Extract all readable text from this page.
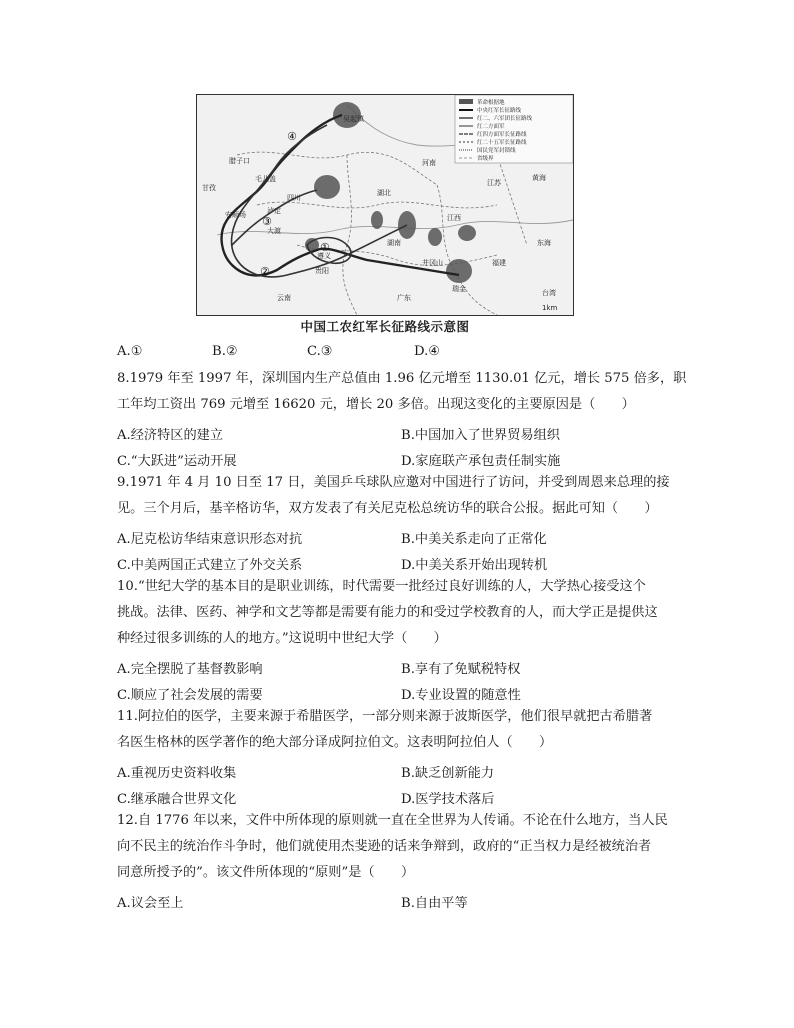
①
②
③
④
吴起镇
腊子口
甘孜
毛儿盖
安顺场	泸定
大渡
遵义
贵阳
井冈山
瑞金
福建
江西
湖南
湖北
四川
河南
江苏
云南	广东
台湾
黄海
东海
1km
革命根据地
中央红军长征路线
红二、六军团长征路线
红二方面军
红四方面军长征路线
红二十五军长征路线
国民党军封锁线
省级界
中国工农红军长征路线示意图
A.①	B.②	C.③	D.④

8.1979 年至 1997 年，深圳国内生产总值由 1.96 亿元增至 1130.01 亿元，增长 575 倍多，职

工年均工资出 769 元增至 16620 元，增长 20 多倍。出现这变化的主要原因是（　　）

A.经济特区的建立	B.中国加入了世界贸易组织
C.“大跃进”运动开展	D.家庭联产承包责任制实施

9.1971 年 4 月 10 日至 17 日，美国乒乓球队应邀对中国进行了访问，并受到周恩来总理的接

见。三个月后，基辛格访华，双方发表了有关尼克松总统访华的联合公报。据此可知（　　）

A.尼克松访华结束意识形态对抗	B.中美关系走向了正常化
C.中美两国正式建立了外交关系	D.中美关系开始出现转机

10.“世纪大学的基本目的是职业训练，时代需要一批经过良好训练的人，大学热心接受这个

挑战。法律、医药、神学和文艺等都是需要有能力的和受过学校教育的人，而大学正是提供这

种经过很多训练的人的地方。”这说明中世纪大学（　　）

A.完全摆脱了基督教影响	B.享有了免赋税特权
C.顺应了社会发展的需要	D.专业设置的随意性

11.阿拉伯的医学，主要来源于希腊医学，一部分则来源于波斯医学，他们很早就把古希腊著

名医生格林的医学著作的绝大部分译成阿拉伯文。这表明阿拉伯人（　　）

A.重视历史资料收集	B.缺乏创新能力
C.继承融合世界文化	D.医学技术落后

12.自 1776 年以来，文件中所体现的原则就一直在全世界为人传诵。不论在什么地方，当人民

向不民主的统治作斗争时，他们就使用杰斐逊的话来争辩到，政府的“正当权力是经被统治者

同意所授予的”。该文件所体现的“原则”是（　　）

A.议会至上	B.自由平等
